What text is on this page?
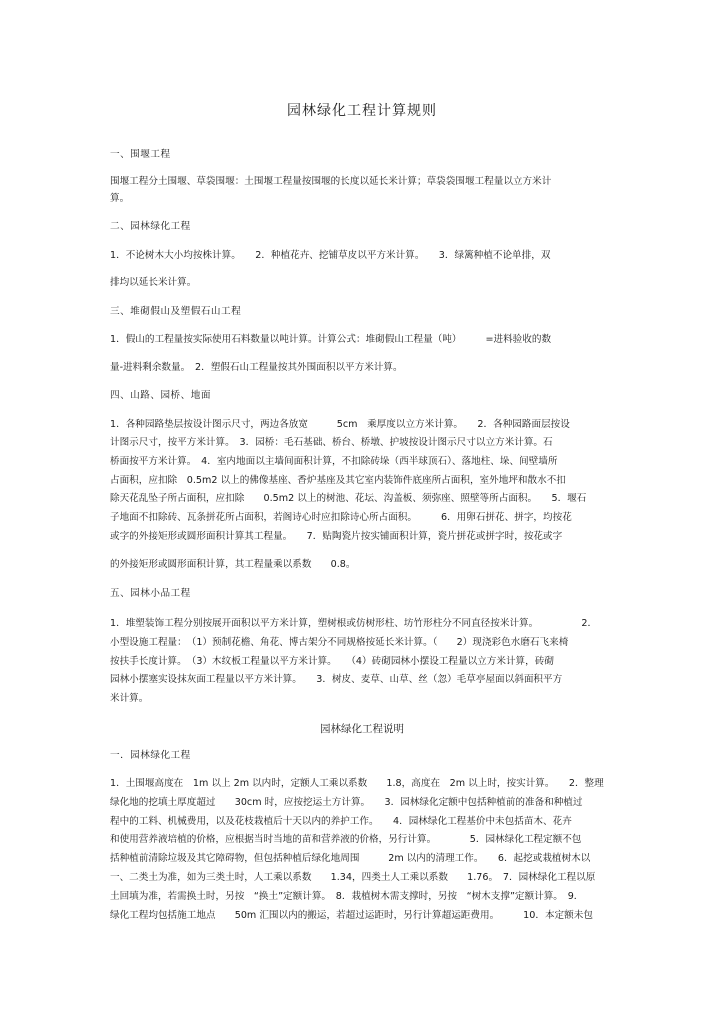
园林绿化工程计算规则
一、围堰工程
围堰工程分土围堰、草袋围堰：土围堰工程量按围堰的长度以延长米计算；草袋袋围堰工程量以立方米计
算。
二、园林绿化工程
1．不论树木大小均按株计算。　　2．种植花卉、挖铺草皮以平方米计算。　　3．绿篱种植不论单排，双
排均以延长米计算。
三、堆砌假山及塑假石山工程
1．假山的工程量按实际使用石料数量以吨计算。计算公式：堆砌假山工程量（吨）　　　=进料验收的数
量-进料剩余数量。　2．塑假石山工程量按其外围面积以平方米计算。
四、山路、园桥、地面
1．各种园路垫层按设计图示尺寸，两边各放宽　　　5cm　乘厚度以立方米计算。　　2．各种园路面层按设
计图示尺寸，按平方米计算。　3．园桥：毛石基础、桥台、桥墩、护坡按设计图示尺寸以立方米计算。石
桥面按平方米计算。　4．室内地面以主墙间面积计算，不扣除砖垛（西半球顶石）、落地柱、垛、间壁墙所
占面积，应扣除　0.5m2 以上的佛像基座、香炉基座及其它室内装饰件底座所占面积，室外地坪和散水不扣
除天花乱坠子所占面积，应扣除　　0.5m2 以上的树池、花坛、沟盖板、须弥座、照壁等所占面积。　　5．堰石
子地面不扣除砖、瓦条拼花所占面积，若阁诗心时应扣除诗心所占面积。　　　6．用卵石拼花、拼字，均按花
或字的外接矩形或圆形面积计算其工程量。　　7．贴陶瓷片按实铺面积计算，瓷片拼花或拼字时，按花或字
的外接矩形或圆形面积计算，其工程量乘以系数　　0.8。
五、园林小品工程
1．堆塑装饰工程分别按展开面积以平方米计算，塑树根或仿树形柱、坊竹形柱分不同直径按米计算。　　　　　2．
小型设施工程量：　（1）预制花檐、角花、博古架分不同规格按延长米计算。（　　2）现浇彩色水磨石飞来椅
按扶手长度计算。　（3）木纹板工程量以平方米计算。　　（4）砖砌园林小摆设工程量以立方米计算，砖砌
园林小摆塞实设抹灰面工程量以平方米计算。　　3．树皮、麦草、山草、丝（忽）毛草亭屋面以斜面积平方
米计算。
园林绿化工程说明
一．园林绿化工程
1．土围堰高度在　1m 以上 2m 以内时，定额人工乘以系数　　1.8，高度在　2m 以上时，按实计算。　　2．整理
绿化地的挖填土厚度超过　　30cm 时，应按挖运土方计算。　　3．园林绿化定额中包括种植前的准备和种植过
程中的工料、机械费用，以及花枝栽植后十天以内的养护工作。　　4．园林绿化工程基价中未包括苗木、花卉
和使用营养液培植的价格，应根据当时当地的苗和营养液的价格，另行计算。　　　　5．园林绿化工程定额不包
括种植前清除垃圾及其它障碍物，但包括种植后绿化地周围　　　2m 以内的清理工作。　　6．起挖或栽植树木以
一、二类土为准，如为三类土时，人工乘以系数　　1.34，四类土人工乘以系数　　1.76。　7．园林绿化工程以原
土回填为准，若需换土时，另按　“换土”定额计算。　8．栽植树木需支撑时，另按　“树木支撑”定额计算。　9．
绿化工程均包括施工地点　　50m 汇围以内的搬运，若超过运距时，另行计算超运距费用。　　　10．本定额未包
